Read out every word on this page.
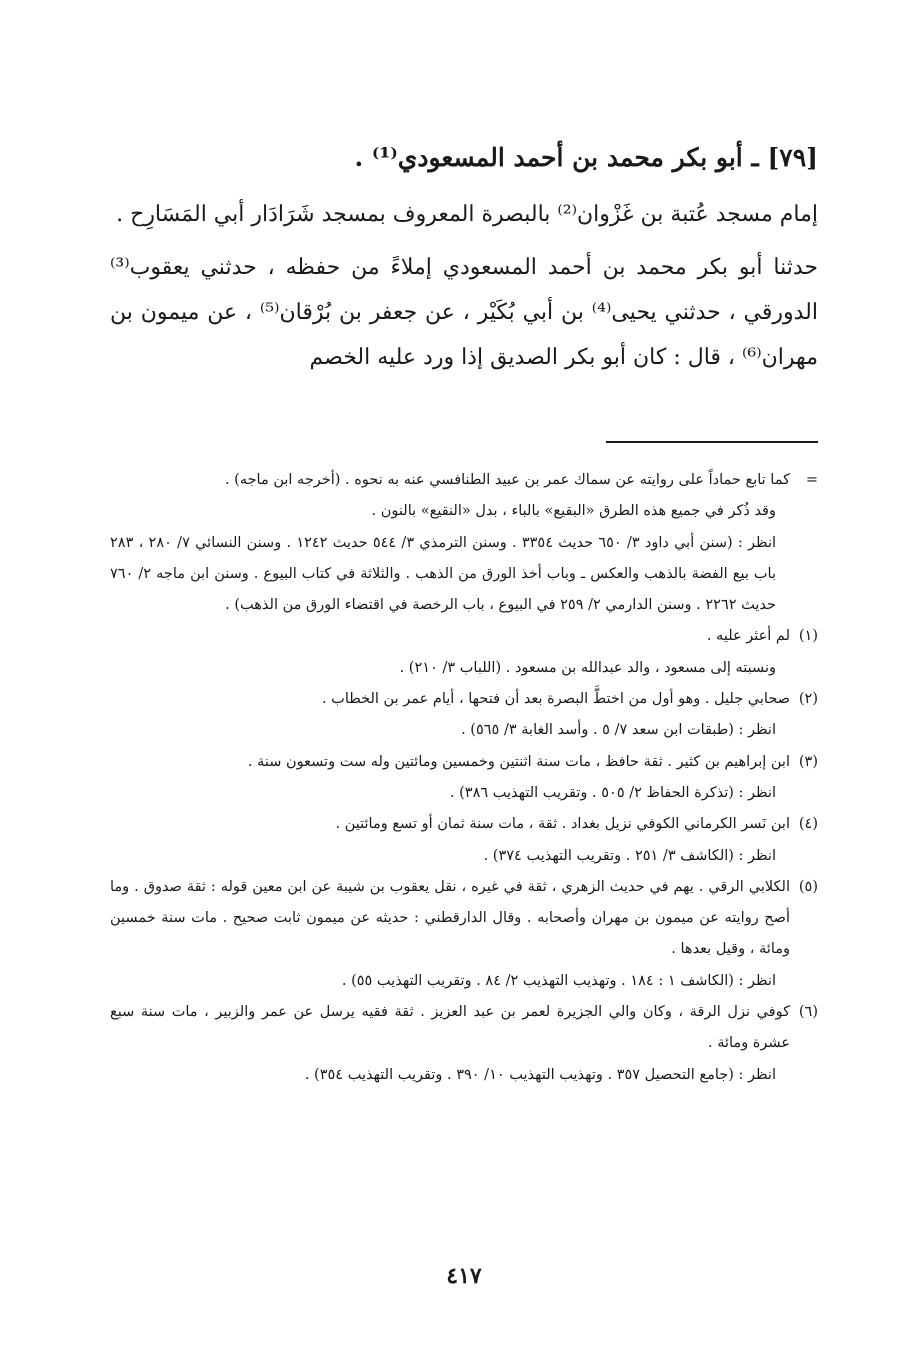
[٧٩] ـ أبو بكر محمد بن أحمد المسعودي⁽¹⁾ .

إمام مسجد عُتبة بن غَزْوان⁽²⁾ بالبصرة المعروف بمسجد شَرَادَار أبي المَسَارِح .

حدثنا أبو بكر محمد بن أحمد المسعودي إملاءً من حفظه ، حدثني يعقوب⁽³⁾ الدورقي ، حدثني يحيى⁽⁴⁾ بن أبي بُكَيْر ، عن جعفر بن بُرْقان⁽⁵⁾ ، عن ميمون بن مهران⁽⁶⁾ ، قال : كان أبو بكر الصديق إذا ورد عليه الخصم

=
كما تابع حماداً على روايته عن سماك عمر بن عبيد الطنافسي عنه به نحوه . (أخرجه ابن ماجه) .
وقد ذُكر في جميع هذه الطرق «البقيع» بالباء ، بدل «النقيع» بالنون .
انظر : (سنن أبي داود ٣/ ٦٥٠ حديث ٣٣٥٤ . وسنن الترمذي ٣/ ٥٤٤ حديث ١٢٤٢ . وسنن النسائي ٧/ ٢٨٠ ، ٢٨٣ باب بيع الفضة بالذهب والعكس ـ وباب أخذ الورق من الذهب . والثلاثة في كتاب البيوع . وسنن ابن ماجه ٢/ ٧٦٠ حديث ٢٢٦٢ . وسنن الدارمي ٢/ ٢٥٩ في البيوع ، باب الرخصة في اقتضاء الورق من الذهب) .
(١)
لم أعثر عليه .
ونسبته إلى مسعود ، والد عبدالله بن مسعود . (اللباب ٣/ ٢١٠) .
(٢)
صحابي جليل . وهو أول من اختطَّ البصرة بعد أن فتحها ، أيام عمر بن الخطاب .
انظر : (طبقات ابن سعد ٧/ ٥ . وأسد الغابة ٣/ ٥٦٥) .
(٣)
ابن إبراهيم بن كثير . ثقة حافظ ، مات سنة اثنتين وخمسين ومائتين وله ست وتسعون سنة .
انظر : (تذكرة الحفاظ ٢/ ٥٠٥ . وتقريب التهذيب ٣٨٦) .
(٤)
ابن نَسر الكرماني الكوفي نزيل بغداد . ثقة ، مات سنة ثمان أو تسع ومائتين .
انظر : (الكاشف ٣/ ٢٥١ . وتقريب التهذيب ٣٧٤) .
(٥)
الكلابي الرقي . يهم في حديث الزهري ، ثقة في غيره ، نقل يعقوب بن شيبة عن ابن معين قوله : ثقة صدوق . وما أصح روايته عن ميمون بن مهران وأصحابه . وقال الدارقطني : حديثه عن ميمون ثابت صحيح . مات سنة خمسين ومائة ، وقيل بعدها .
انظر : (الكاشف ١ : ١٨٤ . وتهذيب التهذيب ٢/ ٨٤ . وتقريب التهذيب ٥٥) .
(٦)
كوفي نزل الرقة ، وكان والي الجزيرة لعمر بن عبد العزيز . ثقة فقيه يرسل عن عمر والزبير ، مات سنة سبع عشرة ومائة .
انظر : (جامع التحصيل ٣٥٧ . وتهذيب التهذيب ١٠/ ٣٩٠ . وتقريب التهذيب ٣٥٤) .
٤١٧
